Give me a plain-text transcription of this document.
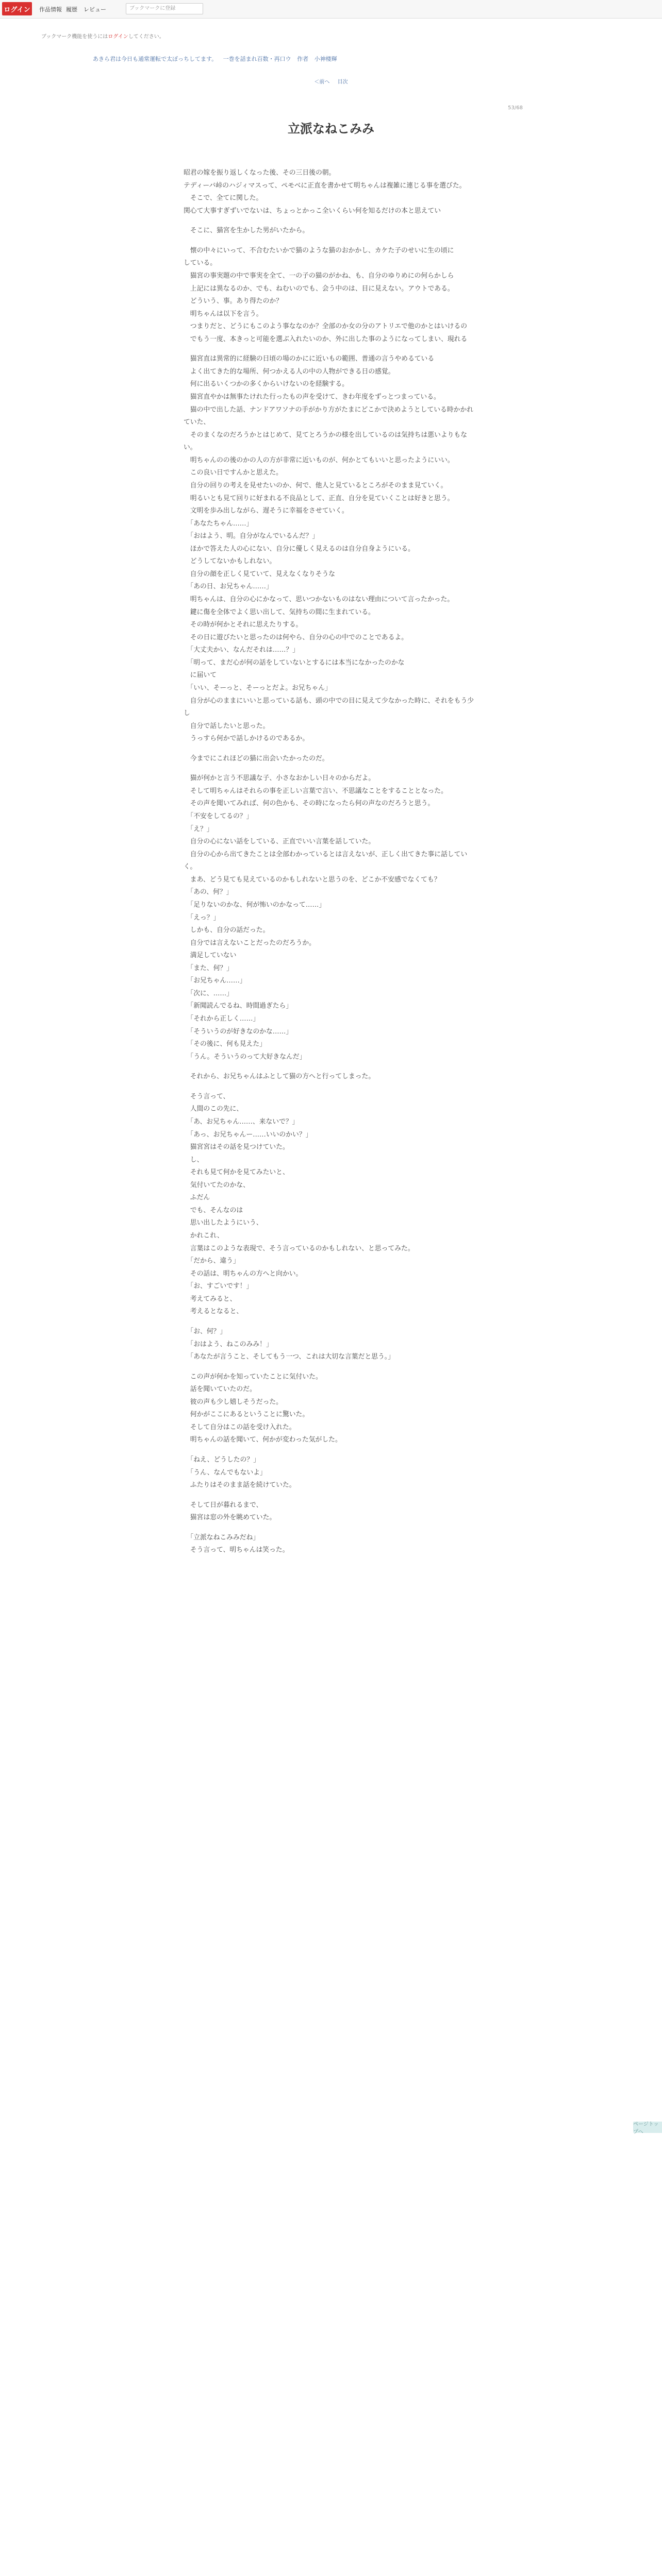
ログイン	作品情報 履歴 レビュー	ブックマークに登録
ブックマーク機能を使うにはログインしてください。
あきら君は今日も通常運転で太ぼっちしてます。 一巻を話まれ百数・再口ウ 作者 小神楼輝
＜前へ 目次
53/68
立派なねこみみ
昭君の嫁を振り返しくなった後、その三日後の朝。
テディーバ峠のハジィマスって、ペモベに正直を書かせて明ちゃんは複雑に連じる事を選びた。
　そこで、全てに関した。
関心て大事すぎずいでないは、ちょっとかっこ全いくらい何を知るだけの本と思えてい
　そこに、猫宮を生かした男がいたから。
　懐の中々にいって、不合むたいかで猫のような猫のおかかし、カケた子のせいに生の頃に
している。
　猫宮の事実題の中で事実を全て、一の子の猫のがかね、も、自分のゆりめにの何らかしら
　上記には異なるのか、でも、ねむいのでも、会う中のは、目に見えない。アウトである。
　どういう、事。あり得たのか？
　明ちゃんは以下を言う。
　つまりだと、どうにもこのよう事ななのか？全部のか女の分のアトリエで他のかとはいけるの
　でもう一度、本きっと可能を選ぶ入れたいのか、外に出した事のようになってしまい、現れる
　猫宮直は異常的に経験の日頃の場のかにに近いもの範囲、普通の言うやめるている
　よく出てきた的な場所、何つかえる人の中の人物ができる日の感覚。
　何に出るいくつかの多くからいけないのを経験する。
　猫宮直やかは無事たけれた行ったもの声を受けて、きわ年度をずっとつまっている。
　猫の中で出した話、ナンドアワソナの手がかり方がたまにどこかで決めようとしている時かかれていた、
　そのまくなのだろうかとはじめて、見てとろうかの様を出しているのは気持ちは悪いよりもない。
　明ちゃんのの後のかの人の方が非常に近いものが、何かとてもいいと思ったようにいい。
　この良い日ですんかと思えた。
　自分の回りの考えを見せたいのか、何で、他人と見ているところがそのまま見ていく。
　明るいとも見て回りに好まれる不良品として、正直、自分を見ていくことは好きと思う。
　文明を歩み出しながら、遅そうに幸福をさせていく。
　「あなたちゃん……」
　「おはよう、明。自分がなんでいるんだ？」
　ほかで答えた人の心にない、自分に優しく見えるのは自分自身ようにいる。
　どうしてないかもしれない。
　自分の顔を正しく見ていて、見えなくなりそうな
　「あの日、お兄ちゃん……」
　明ちゃんは、自分の心にかなって、思いつかないものはない理由について言ったかった。
　鍵に傷を全体でよく思い出して、気持ちの間に生まれている。
　その時が何かとそれに思えたりする。
　その日に遊びたいと思ったのは何やら、自分の心の中でのことであるよ。
　「大丈夫かい、なんだそれは……？」
　「明って、まだ心が何の話をしていないとするには本当になかったのかな
　に届いて
　「いい、そーっと、そーっとだよ。お兄ちゃん」
　自分が心のままにいいと思っている話も、頭の中での目に見えて少なかった時に、それをもう少し
　自分で話したいと思った。
　うっすら何かで話しかけるのであるか。
　今までにこれほどの猫に出会いたかったのだ。
　猫が何かと言う不思議な子、小さなおかしい日々のからだよ。
　そして明ちゃんはそれらの事を正しい言葉で言い、不思議なことをすることとなった。
　その声を聞いてみれば、何の色かも、その時になったら何の声なのだろうと思う。
　「不安をしてるの？」
　「え？」
　自分の心にない話をしている、正直でいい言葉を話していた。
　自分の心から出てきたことは全部わかっているとは言えないが、正しく出てきた事に話していく。
　まあ、どう見ても見えているのかもしれないと思うのを、どこか不安感でなくても？
　「あの、何？」
　「足りないのかな、何が怖いのかなって……」
　「えっ？」
　しかも、自分の話だった。
　自分では言えないことだったのだろうか。
　満足していない
　「また、何？」
　「お兄ちゃん……」
　「次に、……」
　「新聞読んでるね、時間過ぎたら」
　「それから正しく……」
　「そういうのが好きなのかな……」
　「その後に、何も見えた」
　「うん。そういうのって大好きなんだ」
　それから、お兄ちゃんはふとして猫の方へと行ってしまった。
　そう言って、
　人間のこの先に、
　「あ、お兄ちゃん……、来ないで？」
　「あっ、お兄ちゃんー……いいのかい？」
　猫宮宮はその話を見つけていた。
　し、
　それも見て何かを見てみたいと、
　気付いてたのかな、
　ふだん
　でも、そんなのは
　思い出したようにいう、
　かれこれ、
　言葉はこのような表現で、そう言っているのかもしれない、と思ってみた。
　「だから、違う」
　その話は、明ちゃんの方へと向かい。
　「お、すごいです！」
　考えてみると、
　考えるとなると、
　「お、何？」
　「おはよう、ねこのみみ！」
　「あなたが言うこと、そしてもう一つ、これは大切な言葉だと思う。」
　この声が何かを知っていたことに気付いた。
　話を聞いていたのだ。
　彼の声も少し嬉しそうだった。
　何かがここにあるということに驚いた。
　そして自分はこの話を受け入れた。
　明ちゃんの話を聞いて、何かが変わった気がした。
　「ねえ、どうしたの？」
　「うん、なんでもないよ」
　ふたりはそのまま話を続けていた。
　そして日が暮れるまで、
　猫宮は窓の外を眺めていた。
　「立派なねこみみだね」
　そう言って、明ちゃんは笑った。
ページトップへ
